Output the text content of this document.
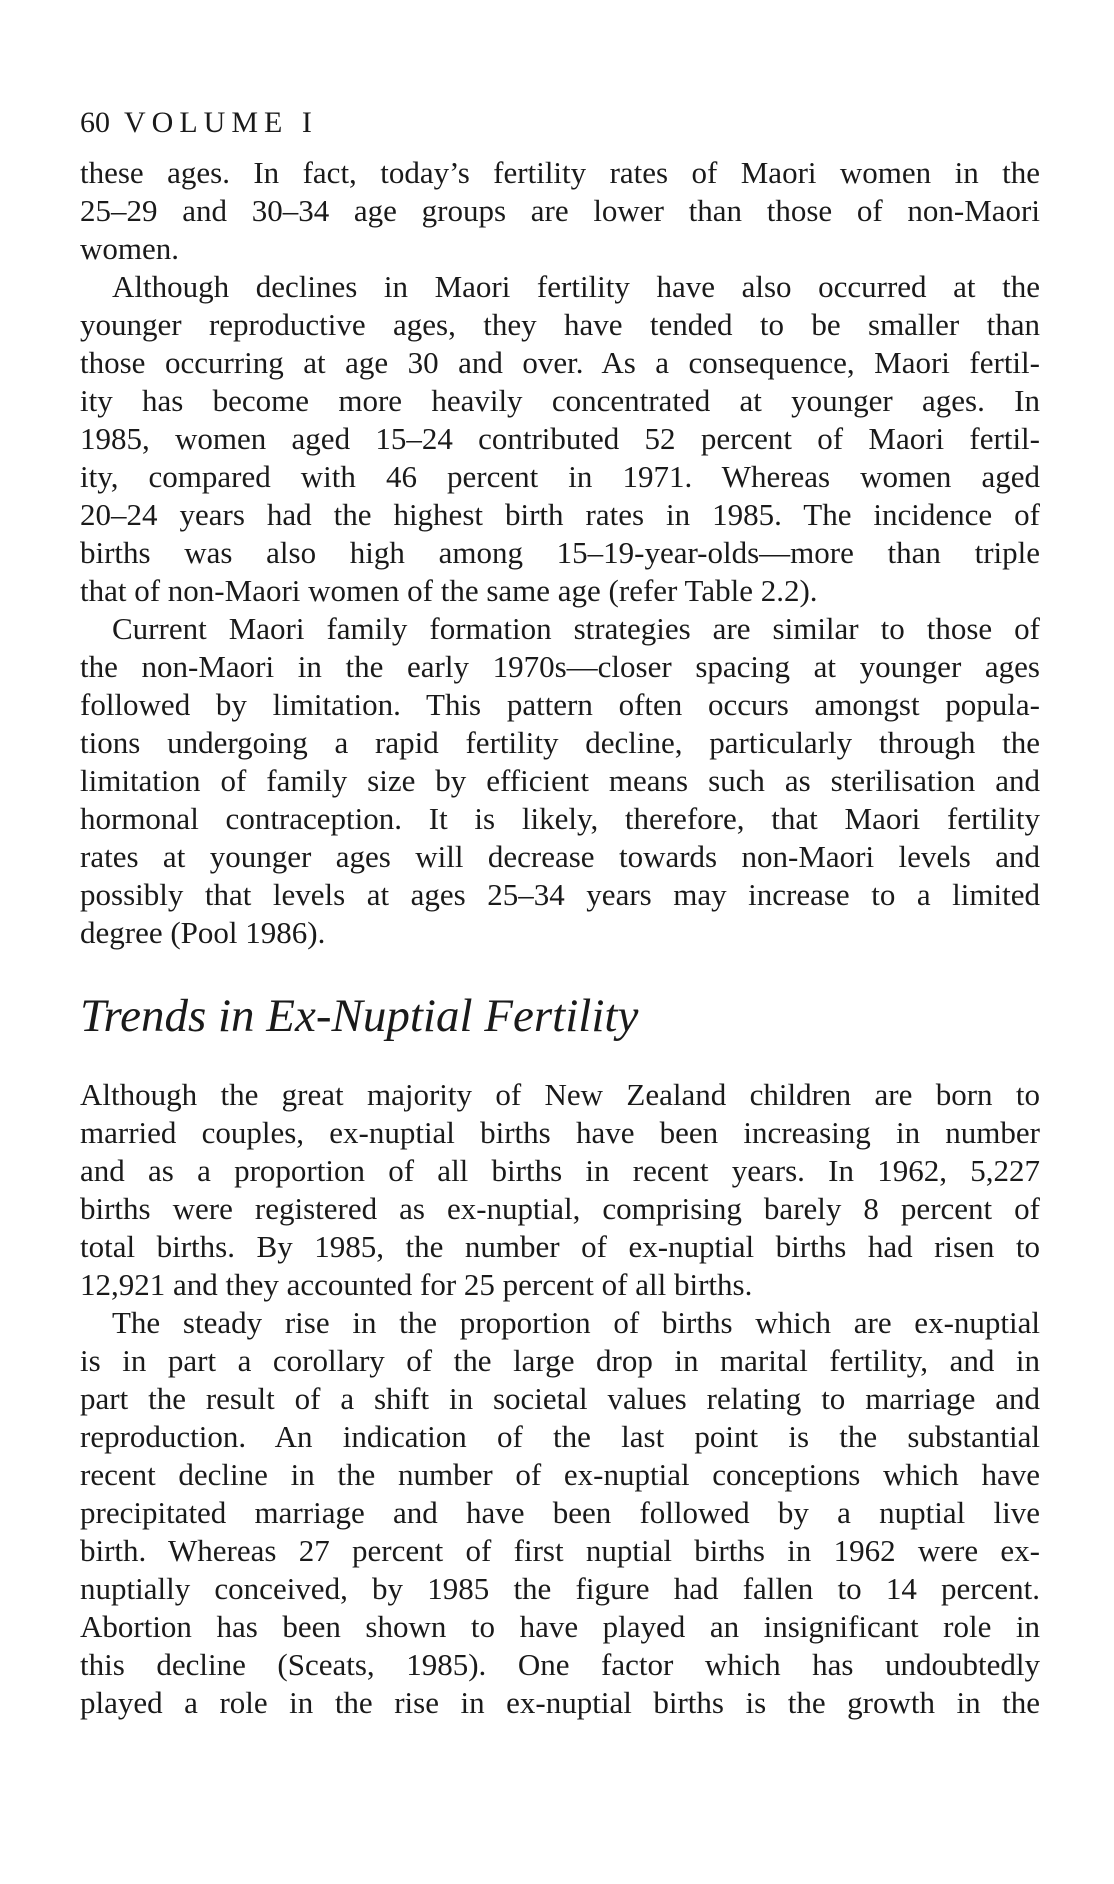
60 VOLUME I
these ages. In fact, today’s fertility rates of Maori women in the
25–29 and 30–34 age groups are lower than those of non-Maori
women.
Although declines in Maori fertility have also occurred at the
younger reproductive ages, they have tended to be smaller than
those occurring at age 30 and over. As a consequence, Maori fertil-
ity has become more heavily concentrated at younger ages. In
1985, women aged 15–24 contributed 52 percent of Maori fertil-
ity, compared with 46 percent in 1971. Whereas women aged
20–24 years had the highest birth rates in 1985. The incidence of
births was also high among 15–19-year-olds—more than triple
that of non-Maori women of the same age (refer Table 2.2).
Current Maori family formation strategies are similar to those of
the non-Maori in the early 1970s—closer spacing at younger ages
followed by limitation. This pattern often occurs amongst popula-
tions undergoing a rapid fertility decline, particularly through the
limitation of family size by efficient means such as sterilisation and
hormonal contraception. It is likely, therefore, that Maori fertility
rates at younger ages will decrease towards non-Maori levels and
possibly that levels at ages 25–34 years may increase to a limited
degree (Pool 1986).
Trends in Ex-Nuptial Fertility
Although the great majority of New Zealand children are born to
married couples, ex-nuptial births have been increasing in number
and as a proportion of all births in recent years. In 1962, 5,227
births were registered as ex-nuptial, comprising barely 8 percent of
total births. By 1985, the number of ex-nuptial births had risen to
12,921 and they accounted for 25 percent of all births.
The steady rise in the proportion of births which are ex-nuptial
is in part a corollary of the large drop in marital fertility, and in
part the result of a shift in societal values relating to marriage and
reproduction. An indication of the last point is the substantial
recent decline in the number of ex-nuptial conceptions which have
precipitated marriage and have been followed by a nuptial live
birth. Whereas 27 percent of first nuptial births in 1962 were ex-
nuptially conceived, by 1985 the figure had fallen to 14 percent.
Abortion has been shown to have played an insignificant role in
this decline (Sceats, 1985). One factor which has undoubtedly
played a role in the rise in ex-nuptial births is the growth in the
